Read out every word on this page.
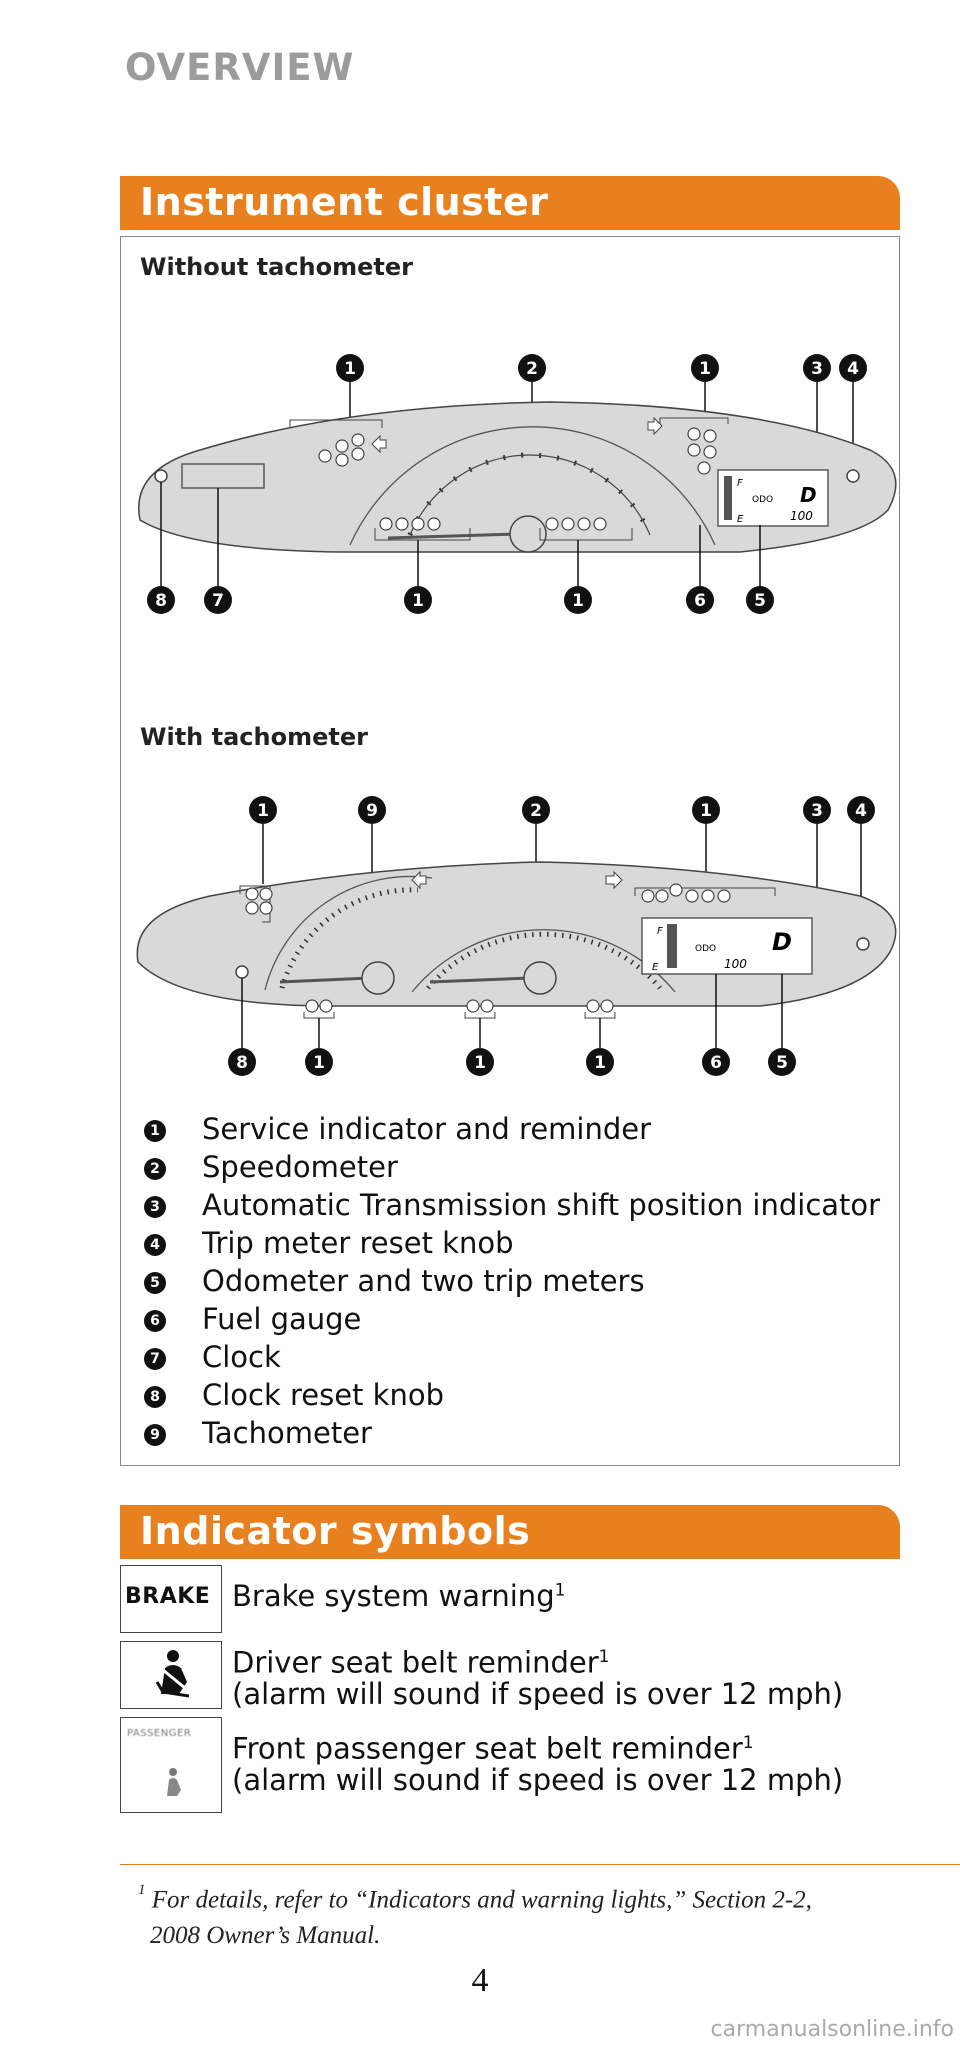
OVERVIEW
Instrument cluster
Without tachometer
1	2	1	3 4
F
E
ODO D
100
8	7	1	1	6	5
With tachometer
1	9	2	1	3 4
F
E
ODO D
100
8	1	1	1	6	5
1 Service indicator and reminder
2 Speedometer
3 Automatic Transmission shift position indicator
4 Trip meter reset knob
5 Odometer and two trip meters
6 Fuel gauge
7 Clock
8 Clock reset knob
9 Tachometer
Indicator symbols
BRAKE Brake system warning$^1$
Driver seat belt reminder$^1$
(alarm will sound if speed is over 12 mph)
PASSENGER Front passenger seat belt reminder$^1$
(alarm will sound if speed is over 12 mph)
$^1$ For details, refer to “Indicators and warning lights,” Section 2-2,
2008 Owner’s Manual.
4
carmanualsonline.info
